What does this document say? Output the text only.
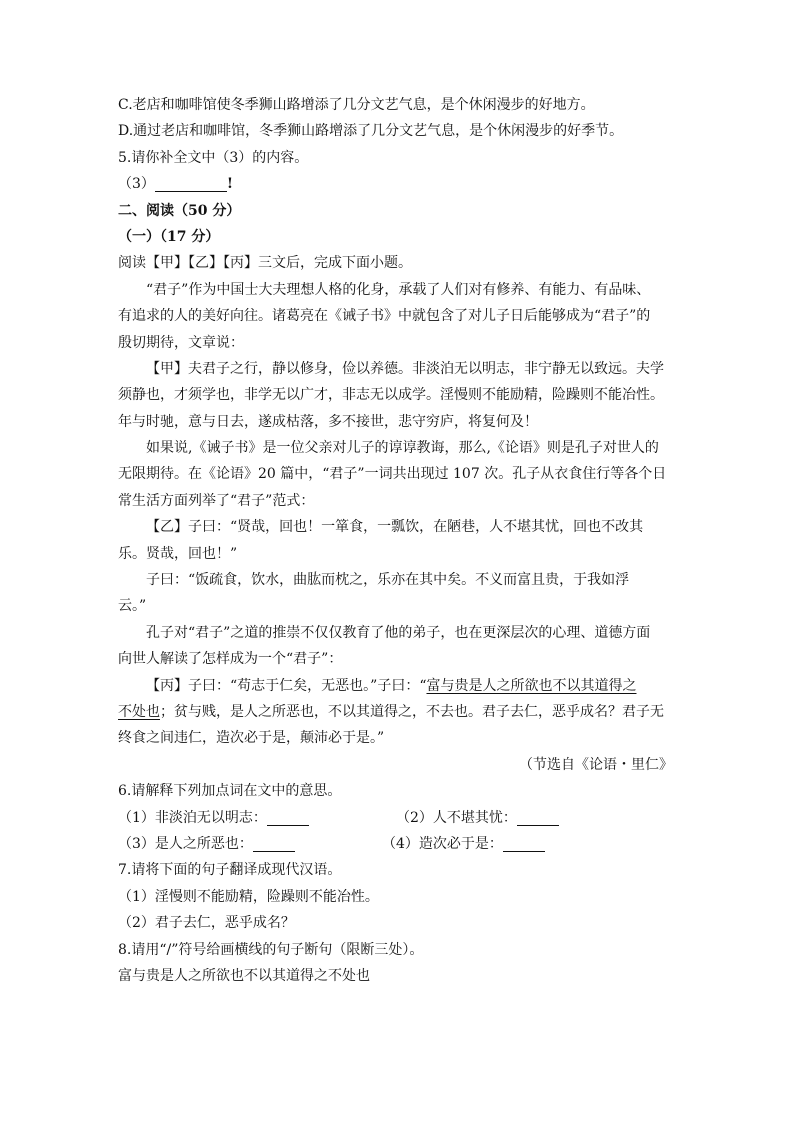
C.老店和咖啡馆使冬季狮山路增添了几分文艺气息，是个休闲漫步的好地方。
D.通过老店和咖啡馆，冬季狮山路增添了几分文艺气息，是个休闲漫步的好季节。
5.请你补全文中（3）的内容。
（3）	!
二、阅读（50 分）
（一）（17 分）
阅读【甲】【乙】【丙】三文后，完成下面小题。
“君子”作为中国士大夫理想人格的化身，承载了人们对有修养、有能力、有品味、
有追求的人的美好向往。诸葛亮在《诫子书》中就包含了对儿子日后能够成为“君子”的
殷切期待，文章说：
【甲】夫君子之行，静以修身，俭以养德。非淡泊无以明志，非宁静无以致远。夫学
须静也，才须学也，非学无以广才，非志无以成学。淫慢则不能励精，险躁则不能冶性。
年与时驰，意与日去，遂成枯落，多不接世，悲守穷庐，将复何及！
如果说,《诫子书》是一位父亲对儿子的谆谆教诲，那么,《论语》则是孔子对世人的
无限期待。在《论语》20 篇中，“君子”一词共出现过 107 次。孔子从衣食住行等各个日
常生活方面列举了“君子”范式：
【乙】子曰：“贤哉，回也！一箪食，一瓢饮，在陋巷，人不堪其忧，回也不改其
乐。贤哉，回也！”
子曰：“饭疏食，饮水，曲肱而枕之，乐亦在其中矣。不义而富且贵，于我如浮
云。”
孔子对“君子”之道的推崇不仅仅教育了他的弟子，也在更深层次的心理、道德方面
向世人解读了怎样成为一个“君子”：
【丙】子曰：“苟志于仁矣，无恶也。”子曰：“富与贵是人之所欲也不以其道得之
不处也；贫与贱，是人之所恶也，不以其道得之，不去也。君子去仁，恶乎成名？君子无
终食之间违仁，造次必于是，颠沛必于是。”
（节选自《论语・里仁》
6.请解释下列加点词在文中的意思。
（1）非淡泊无以明志：	（2）人不堪其忧：
（3）是人之所恶也：	（4）造次必于是：
7.请将下面的句子翻译成现代汉语。
（1）淫慢则不能励精，险躁则不能冶性。
（2）君子去仁，恶乎成名？
8.请用“/”符号给画横线的句子断句（限断三处）。
富与贵是人之所欲也不以其道得之不处也
